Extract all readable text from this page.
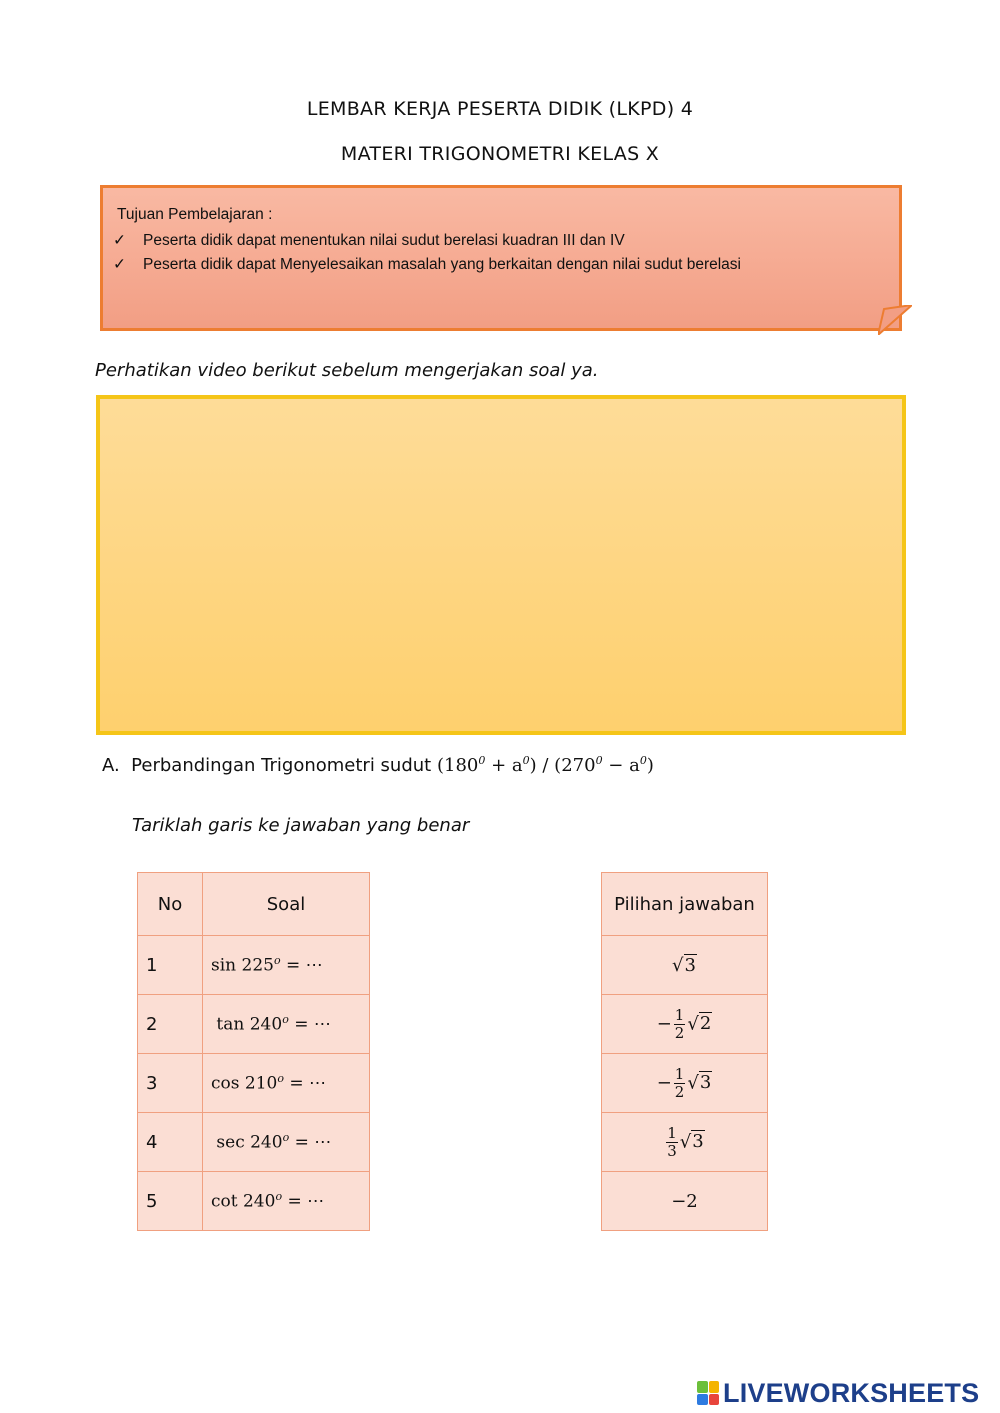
LEMBAR KERJA PESERTA DIDIK (LKPD) 4
MATERI TRIGONOMETRI KELAS X
Tujuan Pembelajaran :
✓ Peserta didik dapat menentukan nilai sudut berelasi kuadran III dan IV
✓ Peserta didik dapat Menyelesaikan masalah yang berkaitan dengan nilai sudut berelasi
Perhatikan video berikut sebelum mengerjakan soal ya.
A. Perbandingan Trigonometri sudut $(180^0 + a^0) / (270^0 - a^0)$
Tariklah garis ke jawaban yang benar
No	Soal
1	$\sin 225^o$ = ⋯
2	$\tan 240^o$ = ⋯
3	$\cos 210^o$ = ⋯
4	$\sec 240^o$ = ⋯
5	$\cot 240^o$ = ⋯
Pilihan jawaban
√3
− $\frac{1}{2} √2$
− $\frac{1}{2} √3$

$\frac{1}{3} √3$
−2
LIVEWORKSHEETS
